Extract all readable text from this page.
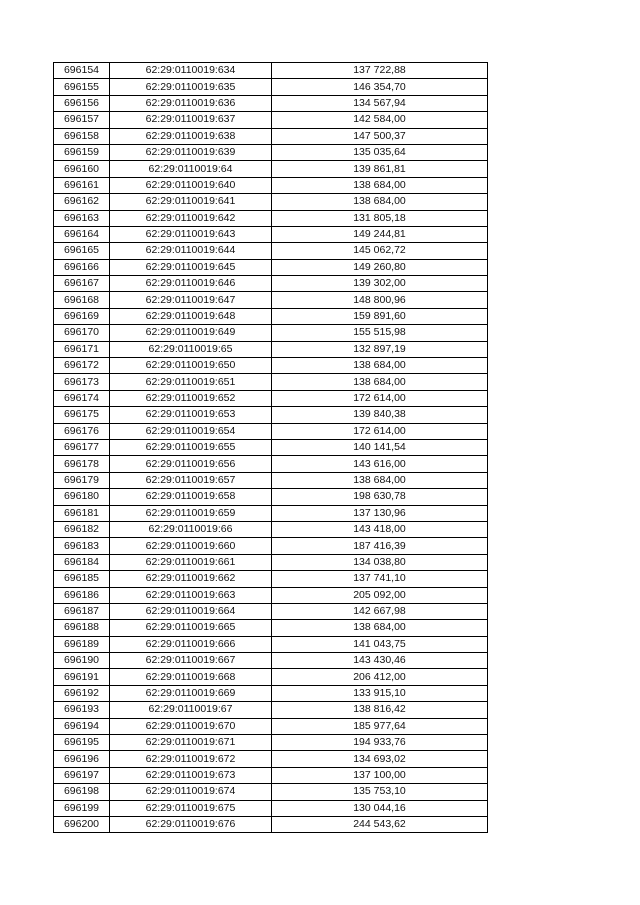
696154	62:29:0110019:634	137 722,88
696155	62:29:0110019:635	146 354,70
696156	62:29:0110019:636	134 567,94
696157	62:29:0110019:637	142 584,00
696158	62:29:0110019:638	147 500,37
696159	62:29:0110019:639	135 035,64
696160	62:29:0110019:64	139 861,81
696161	62:29:0110019:640	138 684,00
696162	62:29:0110019:641	138 684,00
696163	62:29:0110019:642	131 805,18
696164	62:29:0110019:643	149 244,81
696165	62:29:0110019:644	145 062,72
696166	62:29:0110019:645	149 260,80
696167	62:29:0110019:646	139 302,00
696168	62:29:0110019:647	148 800,96
696169	62:29:0110019:648	159 891,60
696170	62:29:0110019:649	155 515,98
696171	62:29:0110019:65	132 897,19
696172	62:29:0110019:650	138 684,00
696173	62:29:0110019:651	138 684,00
696174	62:29:0110019:652	172 614,00
696175	62:29:0110019:653	139 840,38
696176	62:29:0110019:654	172 614,00
696177	62:29:0110019:655	140 141,54
696178	62:29:0110019:656	143 616,00
696179	62:29:0110019:657	138 684,00
696180	62:29:0110019:658	198 630,78
696181	62:29:0110019:659	137 130,96
696182	62:29:0110019:66	143 418,00
696183	62:29:0110019:660	187 416,39
696184	62:29:0110019:661	134 038,80
696185	62:29:0110019:662	137 741,10
696186	62:29:0110019:663	205 092,00
696187	62:29:0110019:664	142 667,98
696188	62:29:0110019:665	138 684,00
696189	62:29:0110019:666	141 043,75
696190	62:29:0110019:667	143 430,46
696191	62:29:0110019:668	206 412,00
696192	62:29:0110019:669	133 915,10
696193	62:29:0110019:67	138 816,42
696194	62:29:0110019:670	185 977,64
696195	62:29:0110019:671	194 933,76
696196	62:29:0110019:672	134 693,02
696197	62:29:0110019:673	137 100,00
696198	62:29:0110019:674	135 753,10
696199	62:29:0110019:675	130 044,16
696200	62:29:0110019:676	244 543,62
